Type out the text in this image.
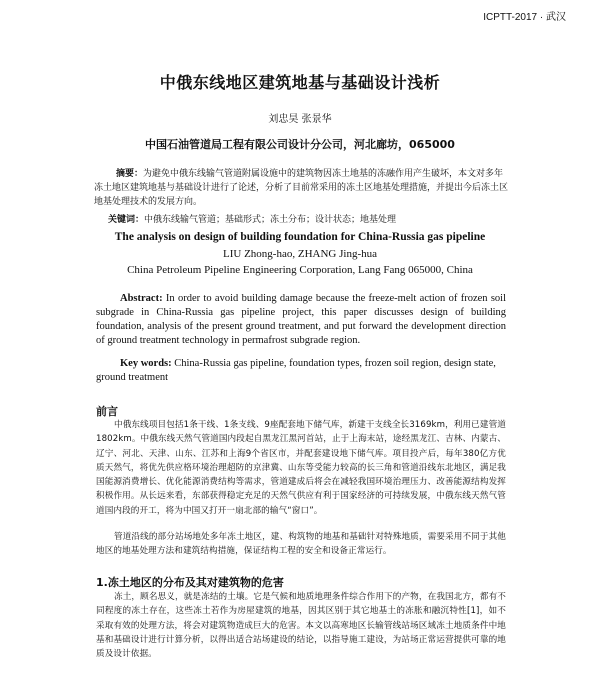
ICPTT-2017 · 武汉
中俄东线地区建筑地基与基础设计浅析
刘忠昊 张景华
中国石油管道局工程有限公司设计分公司，河北廊坊，065000

摘要：为避免中俄东线输气管道附属设施中的建筑物因冻土地基的冻融作用产生破坏，本文对多年冻土地区建筑地基与基础设计进行了论述，分析了目前常采用的冻土区地基处理措施，并提出今后冻土区地基处理技术的发展方向。

关键词：中俄东线输气管道；基础形式；冻土分布；设计状态；地基处理
The analysis on design of building foundation for China-Russia gas pipeline
LIU Zhong-hao, ZHANG Jing-hua
China Petroleum Pipeline Engineering Corporation, Lang Fang 065000, China

Abstract: In order to avoid building damage because the freeze-melt action of frozen soil subgrade in China-Russia gas pipeline project, this paper discusses design of building foundation, analysis of the present ground treatment, and put forward the development direction of ground treatment technology in permafrost subgrade region.

Key words: China-Russia gas pipeline, foundation types, frozen soil region, design state, ground treatment

前言

中俄东线项目包括1条干线、1条支线、9座配套地下储气库，新建干支线全长3169km，利用已建管道1802km。中俄东线天然气管道国内段起自黑龙江黑河首站，止于上海末站，途经黑龙江、吉林、内蒙古、辽宁、河北、天津、山东、江苏和上海9个省区市，并配套建设地下储气库。项目投产后，每年380亿方优质天然气，将优先供应格环境治理超防的京津冀、山东等受能力较高的长三角和管道沿线东北地区，满足我国能源消费增长、优化能源消费结构等需求，管道建成后将会在减轻我国环境治理压力、改善能源结构发挥积极作用。从长远来看，东部获得稳定充足的天然气供应有利于国家经济的可持续发展，中俄东线天然气管道国内段的开工，将为中国又打开一扇北部的输气“窗口”。

管道沿线的部分站场地处多年冻土地区，建、构筑物的地基和基础针对特殊地质，需要采用不同于其他地区的地基处理方法和建筑结构措施，保证结构工程的安全和设备正常运行。

1.冻土地区的分布及其对建筑物的危害

冻土，顾名思义，就是冻结的土壤。它是气候和地质地理条件综合作用下的产物，在我国北方，都有不同程度的冻土存在，这些冻土若作为房屋建筑的地基，因其区别于其它地基土的冻胀和融沉特性[1]，如不采取有效的处理方法，将会对建筑物造成巨大的危害。本文以高寒地区长输管线站场区域冻土地质条件中地基和基础设计进行计算分析，以得出适合站场建设的结论，以指导施工建设，为站场正常运营提供可靠的地质及设计依据。
